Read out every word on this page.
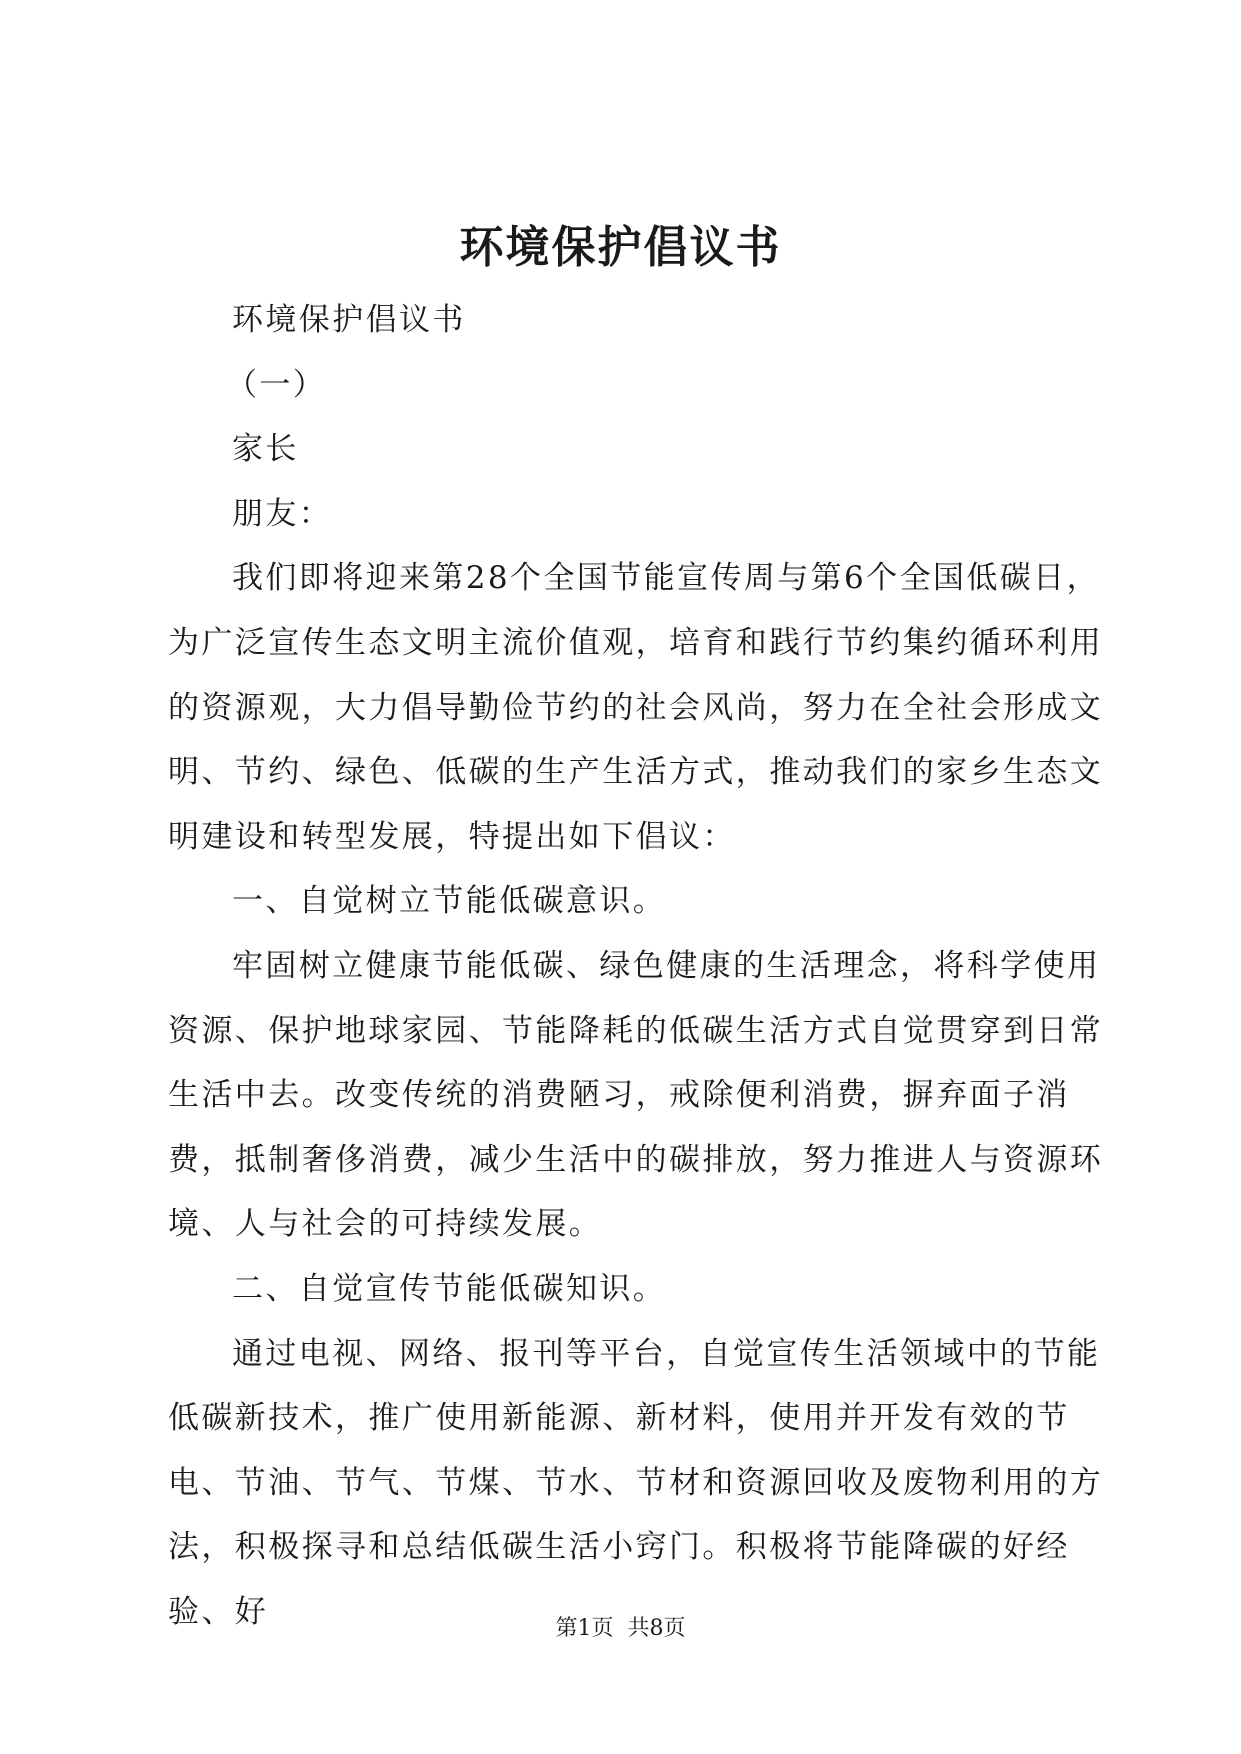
环境保护倡议书

环境保护倡议书

（一）

家长

朋友：

我们即将迎来第28个全国节能宣传周与第6个全国低碳日，为广泛宣传生态文明主流价值观，培育和践行节约集约循环利用的资源观，大力倡导勤俭节约的社会风尚，努力在全社会形成文明、节约、绿色、低碳的生产生活方式，推动我们的家乡生态文明建设和转型发展，特提出如下倡议：

一、自觉树立节能低碳意识。

牢固树立健康节能低碳、绿色健康的生活理念，将科学使用资源、保护地球家园、节能降耗的低碳生活方式自觉贯穿到日常生活中去。改变传统的消费陋习，戒除便利消费，摒弃面子消费，抵制奢侈消费，减少生活中的碳排放，努力推进人与资源环境、人与社会的可持续发展。

二、自觉宣传节能低碳知识。

通过电视、网络、报刊等平台，自觉宣传生活领域中的节能低碳新技术，推广使用新能源、新材料，使用并开发有效的节电、节油、节气、节煤、节水、节材和资源回收及废物利用的方法，积极探寻和总结低碳生活小窍门。积极将节能降碳的好经验、好	第1页 共8页
